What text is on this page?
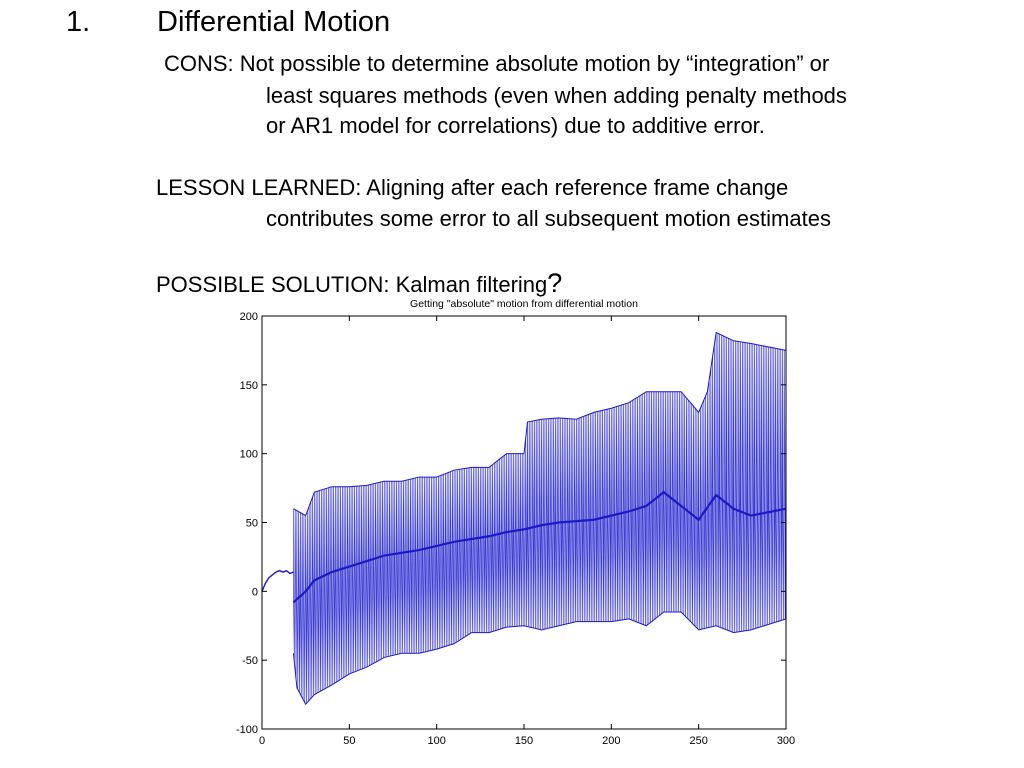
1. Differential Motion
CONS: Not possible to determine absolute motion by “integration” or
least squares methods (even when adding penalty methods
or AR1 model for correlations) due to additive error.
LESSON LEARNED: Aligning after each reference frame change
contributes some error to all subsequent motion estimates
POSSIBLE SOLUTION: Kalman filtering?
0	50	100	150	200	250	300
200
150
100
50
0
-50
-100
Getting "absolute" motion from differential motion
